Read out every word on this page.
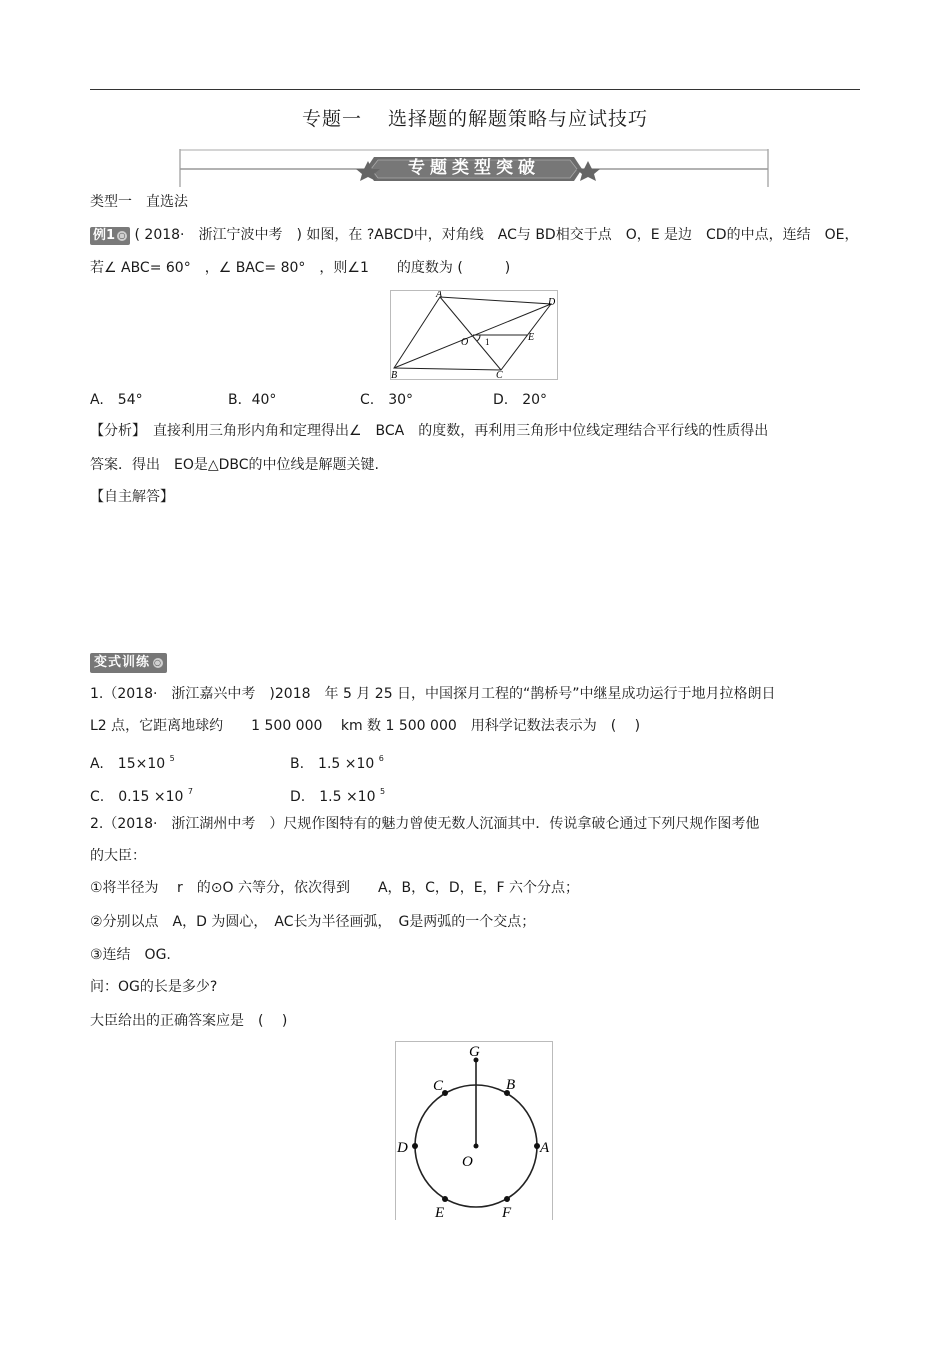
专题一 选择题的解题策略与应试技巧
专题类型突破
类型一　直选法
例1 ○ ( 2018·　浙江宁波中考　) 如图，在 ?ABCD中，对角线　AC与 BD相交于点　O，E 是边　CD的中点，连结　OE，
若∠ ABC= 60°　，∠ BAC= 80°　，则∠1　　的度数为 (　　　)
A
D
O 1	E
B	C
A.　54°	B．40°	C.　30°	D.　20°
【分析】　直接利用三角形内角和定理得出∠　BCA　的度数，再利用三角形中位线定理结合平行线的性质得出
答案．得出　EO是△DBC的中位线是解题关键.
【自主解答】
变式训练 ○
1.（2018·　浙江嘉兴中考　)2018　年 5 月 25 日，中国探月工程的“鹊桥号”中继星成功运行于地月拉格朗日
L2 点，它距离地球约　　1 500 000　 km 数 1 500 000　用科学记数法表示为　(　 )
A.　15×10 $^5$	B.　1.5 ×10 $^6$
C.　0.15 ×10 $^7$	D.　1.5 ×10 $^5$
2.（2018·　浙江湖州中考　）尺规作图特有的魅力曾使无数人沉湎其中．传说拿破仑通过下列尺规作图考他
的大臣：
①将半径为　 r　的⊙O 六等分，依次得到　　A，B，C，D，E，F 六个分点；
②分别以点　A，D 为圆心，　AC长为半径画弧，　G是两弧的一个交点；
③连结　OG.
问：OG的长是多少?
大臣给出的正确答案应是　(　 )
G
C	B
D	A
O
E	F
